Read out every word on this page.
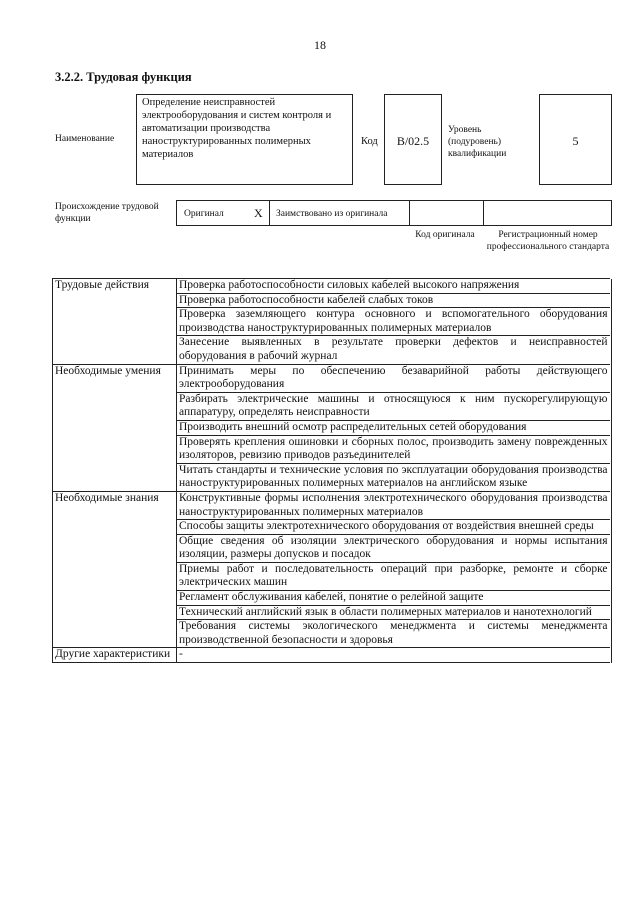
18
3.2.2. Трудовая функция
Наименование
Определение неисправностей электрооборудования и систем контроля и автоматизации производства наноструктурированных полимерных материалов
Код	B/02.5
Уровень (подуровень) квалификации
5
Происхождение трудовой функции	Оригинал	X Заимствовано из оригинала
Код оригинала	Регистрационный номер профессионального стандарта
Трудовые действия	Проверка работоспособности силовых кабелей высокого напряжения	
	Проверка работоспособности кабелей слабых токов	
	Проверка заземляющего контура основного и вспомогательного оборудования производства наноструктурированных полимерных материалов	
	Занесение выявленных в результате проверки дефектов и неисправностей оборудования в рабочий журнал	
Необходимые умения	Принимать меры по обеспечению безаварийной работы действующего электрооборудования	
	Разбирать электрические машины и относящуюся к ним пускорегулирующую аппаратуру, определять неисправности	
	Производить внешний осмотр распределительных сетей оборудования	
	Проверять крепления ошиновки и сборных полос, производить замену поврежденных изоляторов, ревизию приводов разъединителей	
	Читать стандарты и технические условия по эксплуатации оборудования производства наноструктурированных полимерных материалов на английском языке	
Необходимые знания	Конструктивные формы исполнения электротехнического оборудования производства наноструктурированных полимерных материалов	
	Способы защиты электротехнического оборудования от воздействия внешней среды	
	Общие сведения об изоляции электрического оборудования и нормы испытания изоляции, размеры допусков и посадок	
	Приемы работ и последовательность операций при разборке, ремонте и сборке электрических машин	
	Регламент обслуживания кабелей, понятие о релейной защите	
	Технический английский язык в области полимерных материалов и нанотехнологий	
	Требования системы экологического менеджмента и системы менеджмента производственной безопасности и здоровья	
Другие характеристики	-	
